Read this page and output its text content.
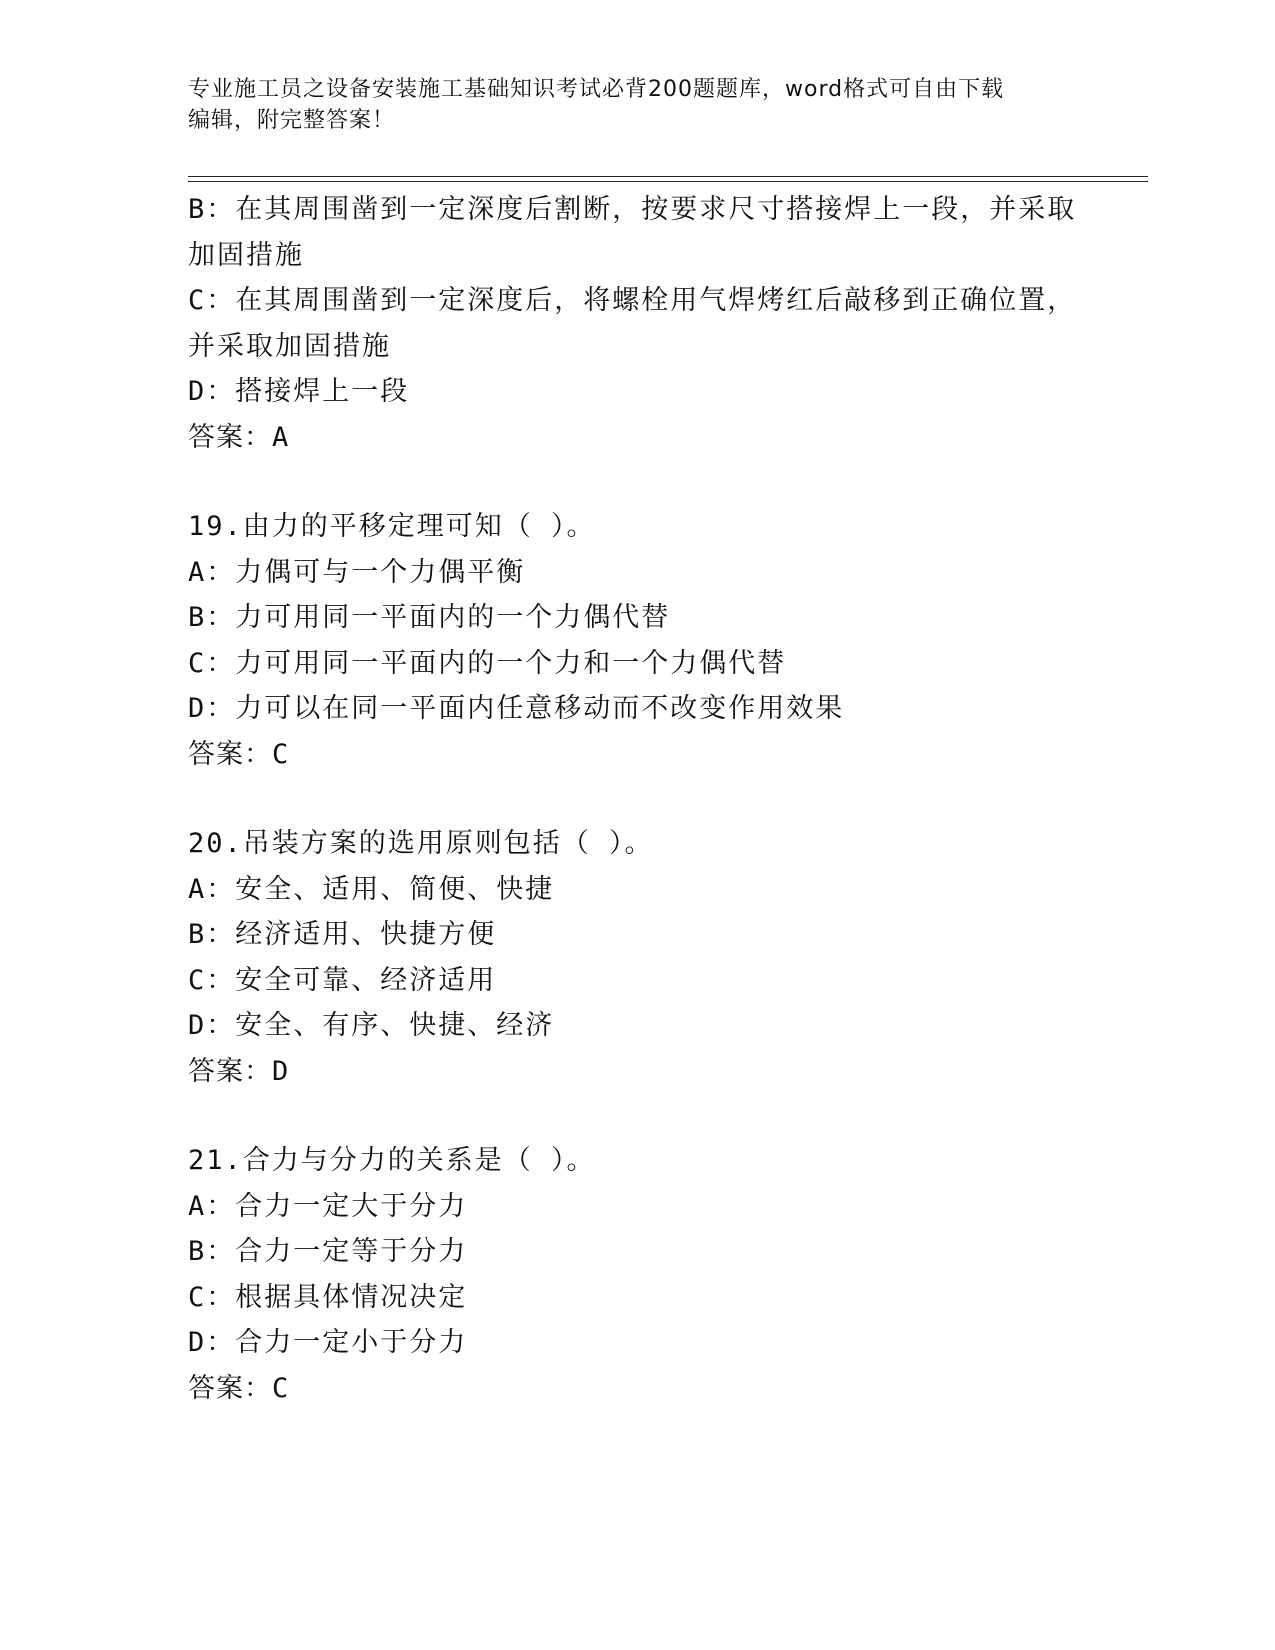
专业施工员之设备安装施工基础知识考试必背200题题库，word格式可自由下载
编辑，附完整答案！
B：在其周围凿到一定深度后割断，按要求尺寸搭接焊上一段，并采取
加固措施
C：在其周围凿到一定深度后，将螺栓用气焊烤红后敲移到正确位置，
并采取加固措施
D：搭接焊上一段
答案：A
19.由力的平移定理可知（ ）。
A：力偶可与一个力偶平衡
B：力可用同一平面内的一个力偶代替
C：力可用同一平面内的一个力和一个力偶代替
D：力可以在同一平面内任意移动而不改变作用效果
答案：C
20.吊装方案的选用原则包括（ ）。
A：安全、适用、简便、快捷
B：经济适用、快捷方便
C：安全可靠、经济适用
D：安全、有序、快捷、经济
答案：D
21.合力与分力的关系是（ ）。
A：合力一定大于分力
B：合力一定等于分力
C：根据具体情况决定
D：合力一定小于分力
答案：C
